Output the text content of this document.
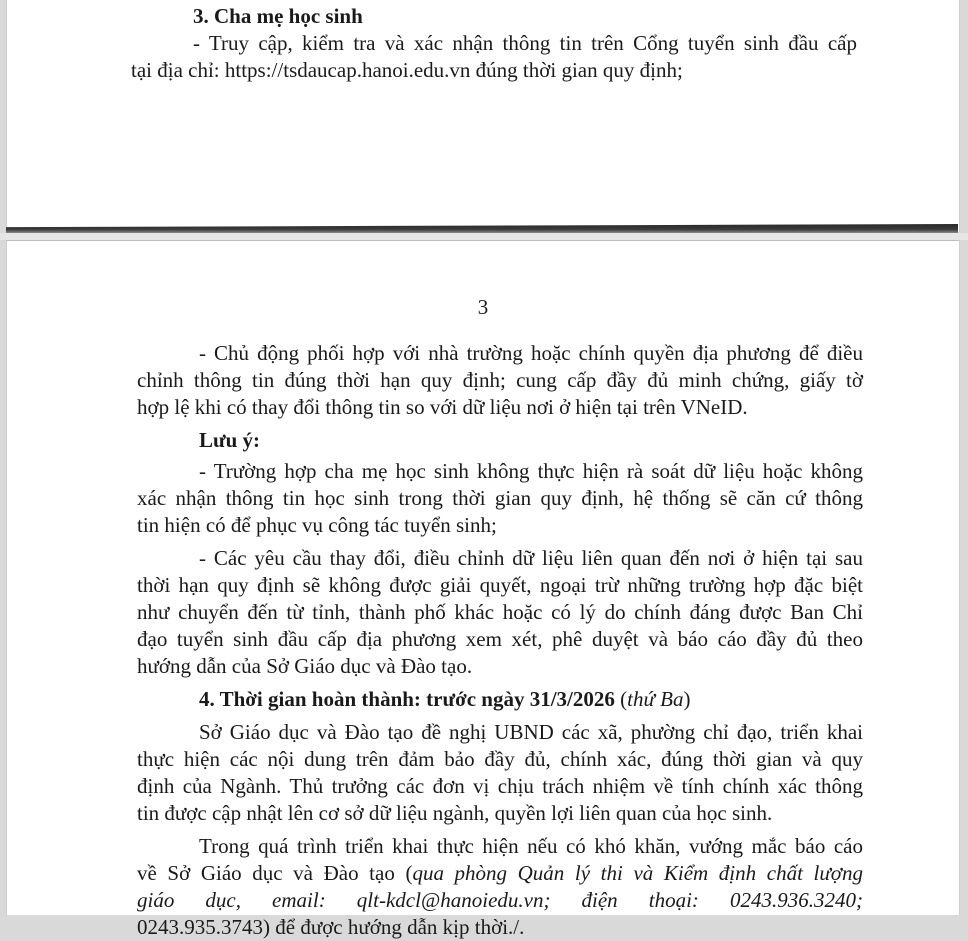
3. Cha mẹ học sinh
- Truy cập, kiểm tra và xác nhận thông tin trên Cổng tuyển sinh đầu cấp
tại địa chỉ: https://tsdaucap.hanoi.edu.vn đúng thời gian quy định;
3
- Chủ động phối hợp với nhà trường hoặc chính quyền địa phương để điều
chỉnh thông tin đúng thời hạn quy định; cung cấp đầy đủ minh chứng, giấy tờ
hợp lệ khi có thay đổi thông tin so với dữ liệu nơi ở hiện tại trên VNeID.
Lưu ý:
- Trường hợp cha mẹ học sinh không thực hiện rà soát dữ liệu hoặc không
xác nhận thông tin học sinh trong thời gian quy định, hệ thống sẽ căn cứ thông
tin hiện có để phục vụ công tác tuyển sinh;
- Các yêu cầu thay đổi, điều chỉnh dữ liệu liên quan đến nơi ở hiện tại sau
thời hạn quy định sẽ không được giải quyết, ngoại trừ những trường hợp đặc biệt
như chuyển đến từ tỉnh, thành phố khác hoặc có lý do chính đáng được Ban Chỉ
đạo tuyển sinh đầu cấp địa phương xem xét, phê duyệt và báo cáo đầy đủ theo
hướng dẫn của Sở Giáo dục và Đào tạo.
4. Thời gian hoàn thành: trước ngày 31/3/2026 (thứ Ba)
Sở Giáo dục và Đào tạo đề nghị UBND các xã, phường chỉ đạo, triển khai
thực hiện các nội dung trên đảm bảo đầy đủ, chính xác, đúng thời gian và quy
định của Ngành. Thủ trưởng các đơn vị chịu trách nhiệm về tính chính xác thông
tin được cập nhật lên cơ sở dữ liệu ngành, quyền lợi liên quan của học sinh.
Trong quá trình triển khai thực hiện nếu có khó khăn, vướng mắc báo cáo
về Sở Giáo dục và Đào tạo (qua phòng Quản lý thi và Kiểm định chất lượng
giáo dục, email: qlt-kdcl@hanoiedu.vn; điện thoại: 0243.936.3240;
0243.935.3743) để được hướng dẫn kịp thời./.
